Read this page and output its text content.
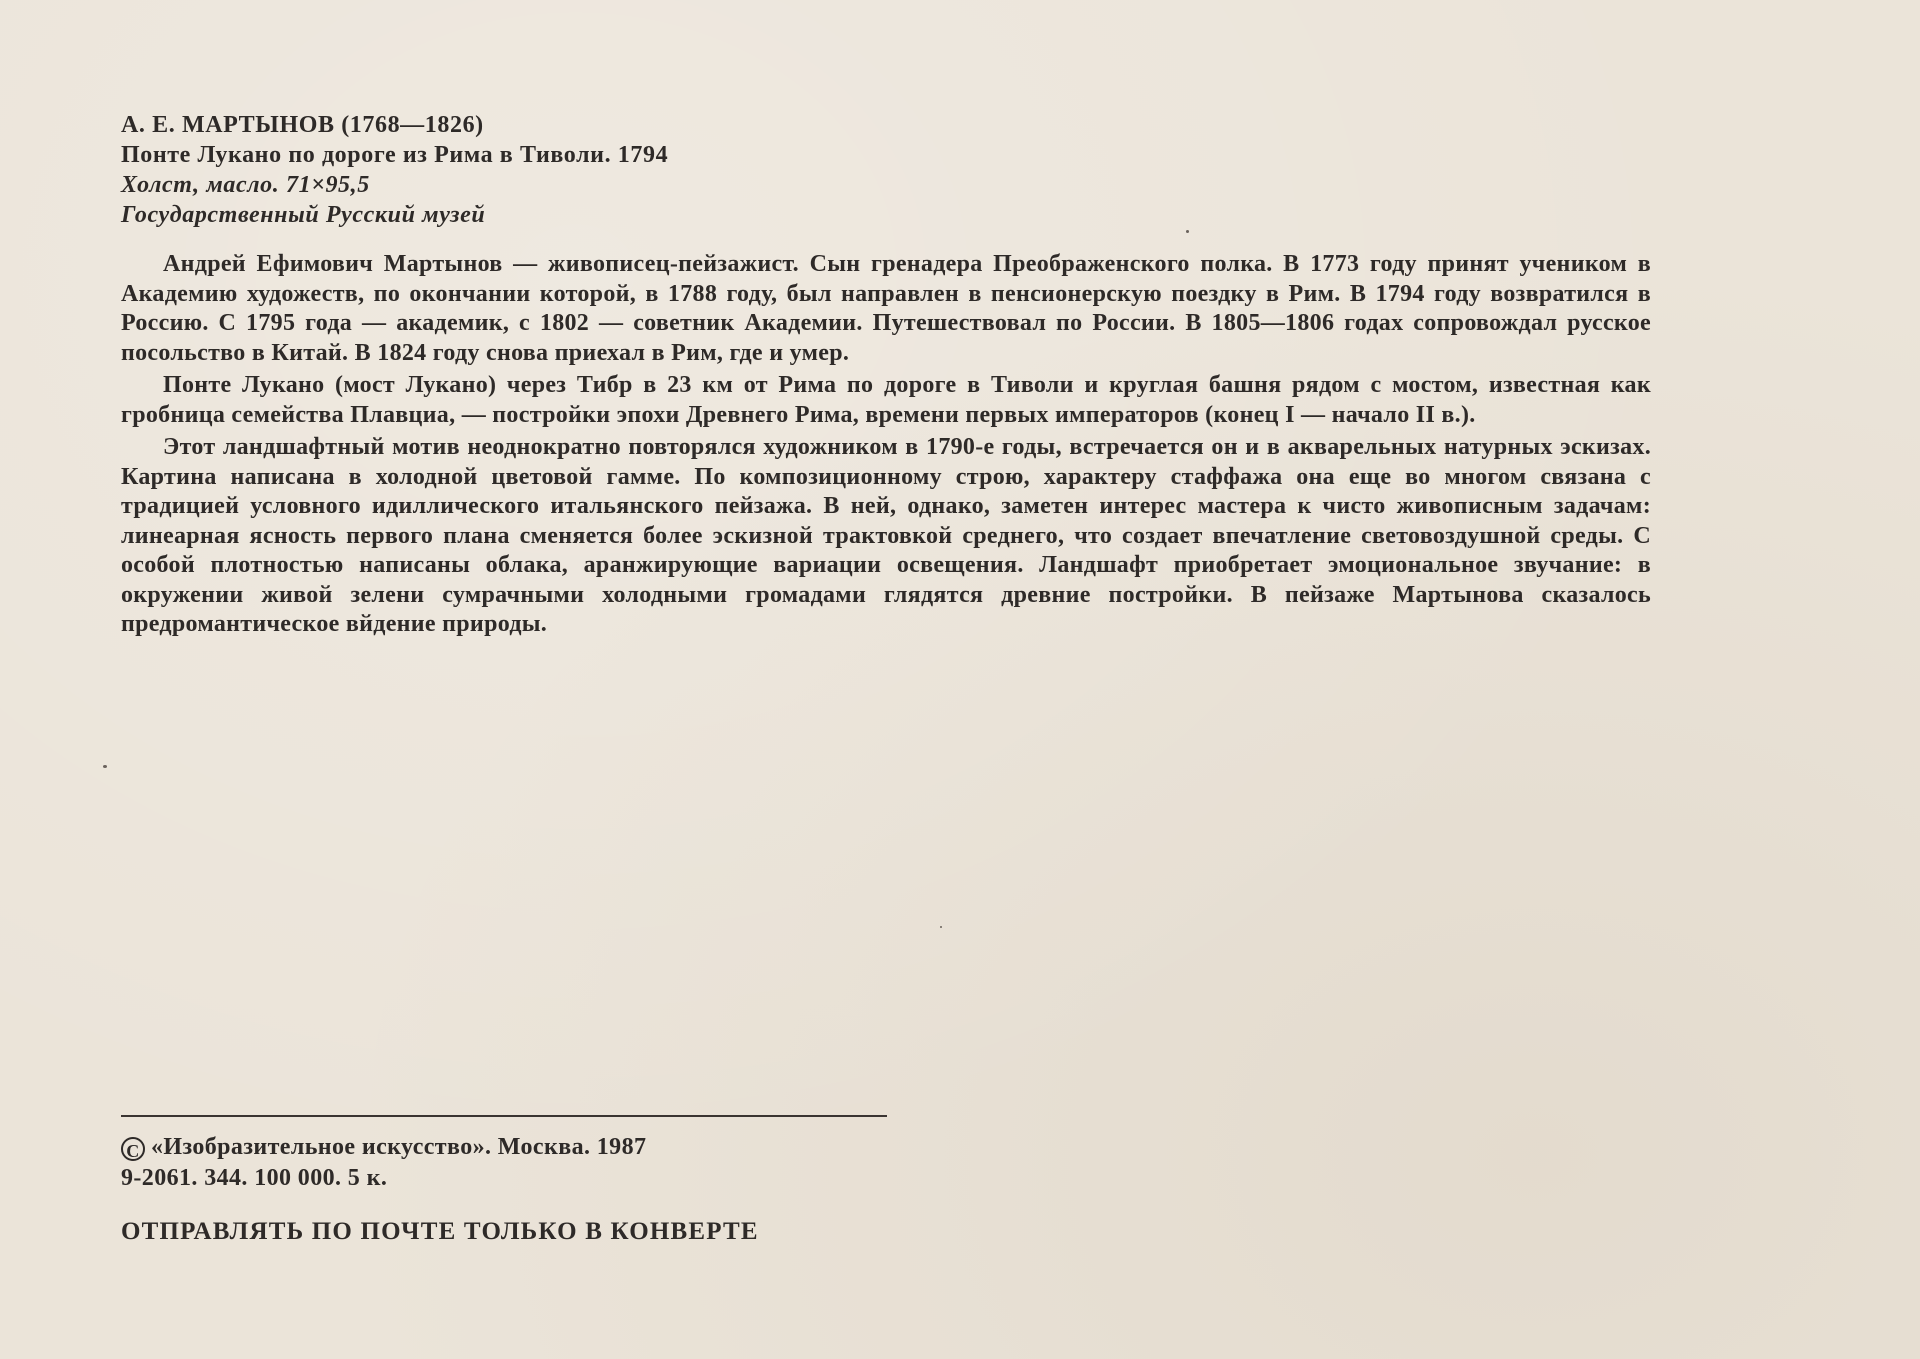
А. Е. МАРТЫНОВ (1768—1826)
Понте Лукано по дороге из Рима в Тиволи. 1794
Холст, масло. 71×95,5
Государственный Русский музей

Андрей Ефимович Мартынов — живописец-пейзажист. Сын гренадера Преображенского полка. В 1773 году принят учеником в Академию художеств, по окончании которой, в 1788 году, был направлен в пенсионерскую поездку в Рим. В 1794 году возвратился в Россию. С 1795 года — академик, с 1802 — советник Академии. Путешествовал по России. В 1805—1806 годах сопровождал русское посольство в Китай. В 1824 году снова приехал в Рим, где и умер.

Понте Лукано (мост Лукано) через Тибр в 23 км от Рима по дороге в Тиволи и круглая башня рядом с мостом, известная как гробница семейства Плавциа, — постройки эпохи Древнего Рима, времени первых императоров (конец I — начало II в.).

Этот ландшафтный мотив неоднократно повторялся художником в 1790-е годы, встречается он и в акварельных натурных эскизах. Картина написана в холодной цветовой гамме. По композиционному строю, характеру стаффажа она еще во многом связана с традицией условного идиллического итальянского пейзажа. В ней, однако, заметен интерес мастера к чисто живописным задачам: линеарная ясность первого плана сменяется более эскизной трактовкой среднего, что создает впечатление световоздушной среды. С особой плотностью написаны облака, аранжирующие вариации освещения. Ландшафт приобретает эмоциональное звучание: в окружении живой зелени сумрачными холодными громадами глядятся древние постройки. В пейзаже Мартынова сказалось предромантическое вйдение природы.

C «Изобразительное искусство». Москва. 1987
9-2061. 344. 100 000. 5 к.
ОТПРАВЛЯТЬ ПО ПОЧТЕ ТОЛЬКО В КОНВЕРТЕ
